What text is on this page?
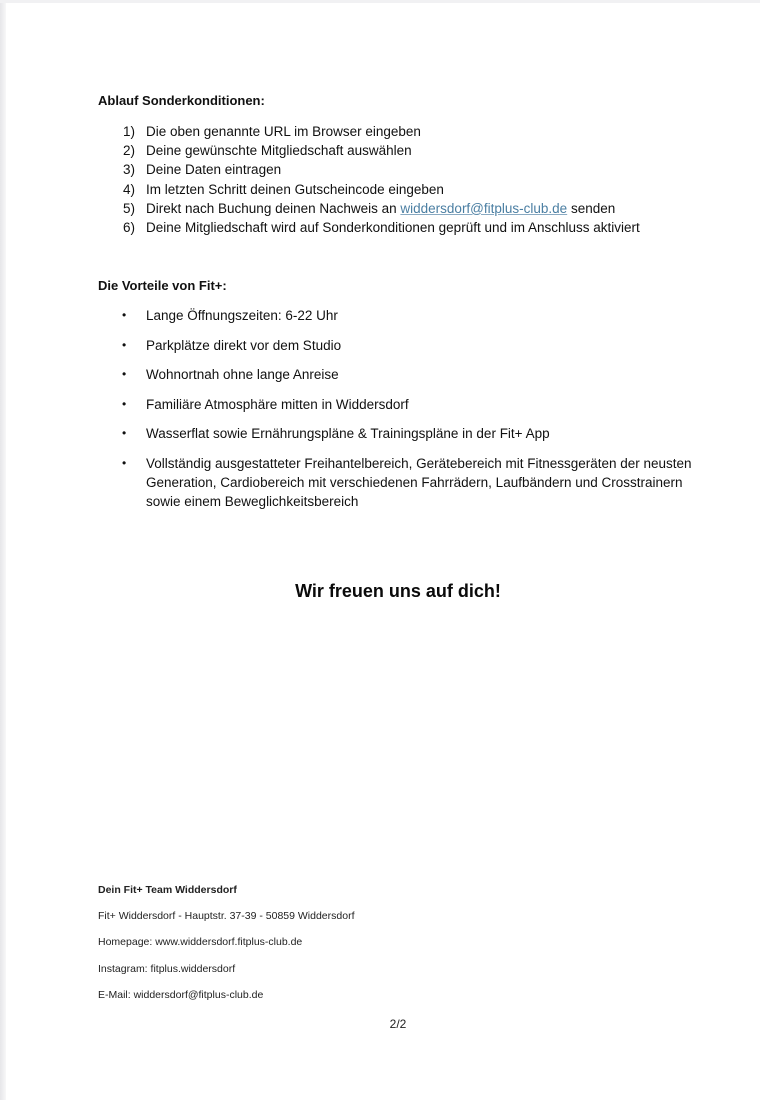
Ablauf Sonderkonditionen:
1) Die oben genannte URL im Browser eingeben
2) Deine gewünschte Mitgliedschaft auswählen
3) Deine Daten eintragen
4) Im letzten Schritt deinen Gutscheincode eingeben
5) Direkt nach Buchung deinen Nachweis an widdersdorf@fitplus-club.de senden
6) Deine Mitgliedschaft wird auf Sonderkonditionen geprüft und im Anschluss aktiviert
Die Vorteile von Fit+:
•	Lange Öffnungszeiten: 6-22 Uhr
•	Parkplätze direkt vor dem Studio
•	Wohnortnah ohne lange Anreise
•	Familiäre Atmosphäre mitten in Widdersdorf
•	Wasserflat sowie Ernährungspläne & Trainingspläne in der Fit+ App
•	Vollständig ausgestatteter Freihantelbereich, Gerätebereich mit Fitnessgeräten der neusten Generation, Cardiobereich mit verschiedenen Fahrrädern, Laufbändern und Crosstrainern sowie einem Beweglichkeitsbereich
Wir freuen uns auf dich!
Dein Fit+ Team Widdersdorf
Fit+ Widdersdorf - Hauptstr. 37-39 - 50859 Widdersdorf
Homepage: www.widdersdorf.fitplus-club.de
Instagram: fitplus.widdersdorf
E-Mail: widdersdorf@fitplus-club.de
2/2
